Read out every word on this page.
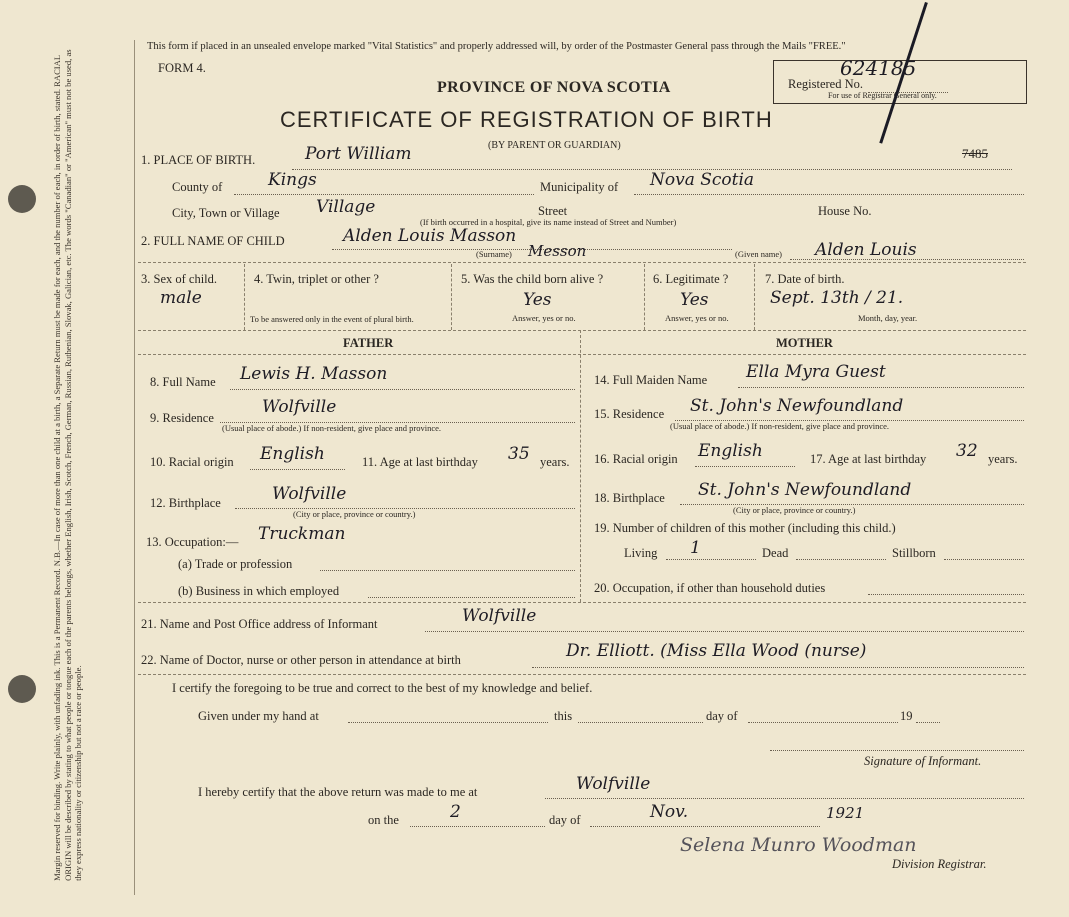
Margin reserved for binding. Write plainly, with unfading ink. This is a Permanent Record. N.B.—In case of more than one child at a birth, a Separate Return must be made for each, and the number of each, in order of birth, stated. RACIAL ORIGIN will be described by stating to what people or tongue each of the parents belongs, whether English, Irish, Scotch, French, German, Russian, Ruthenian, Slovak, Galician, etc. The words "Canadian" or "American" must not be used, as they express nationality or citizenship but not a race or people.
This form if placed in an unsealed envelope marked "Vital Statistics" and properly addressed will, by order of the Postmaster General pass through the Mails "FREE."
FORM 4.
PROVINCE OF NOVA SCOTIA
CERTIFICATE OF REGISTRATION OF BIRTH
(BY PARENT OR GUARDIAN)
Registered No.
624185
For use of Registrar General only.
7485
1. PLACE OF BIRTH.	Port William
County of	Kings	Municipality of Nova Scotia
City, Town or Village Village	Street	House No.
(If birth occurred in a hospital, give its name instead of Street and Number)
2. FULL NAME OF CHILD	Alden Louis Masson
(Surname) Messon	(Given name) Alden Louis
3. Sex of child.
male
4. Twin, triplet or other ?
To be answered only in the event of plural birth.
5. Was the child born alive ?
Yes
Answer, yes or no.
6. Legitimate ?
Yes
Answer, yes or no.
7. Date of birth.
Sept. 13th / 21.
Month, day, year.
FATHER	MOTHER
8. Full Name Lewis H. Masson
9. Residence
Wolfville
(Usual place of abode.) If non-resident, give place and province.
10. Racial origin English	11. Age at last birthday 35 years.
12. Birthplace	Wolfville
(City or place, province or country.)
13. Occupation:— Truckman
(a) Trade or profession
(b) Business in which employed
14. Full Maiden Name Ella Myra Guest
15. Residence St. John's Newfoundland
(Usual place of abode.) If non-resident, give place and province.
16. Racial origin English	17. Age at last birthday 32 years.
18. Birthplace St. John's Newfoundland
(City or place, province or country.)
19. Number of children of this mother (including this child.)
Living 1	Dead	Stillborn
20. Occupation, if other than household duties
21. Name and Post Office address of Informant	Wolfville
22. Name of Doctor, nurse or other person in attendance at birth	Dr. Elliott. (Miss Ella Wood (nurse)
I certify the foregoing to be true and correct to the best of my knowledge and belief.
Given under my hand at	this	day of	19
Signature of Informant.
I hereby certify that the above return was made to me at	Wolfville
on the	2	day of	Nov.	1921
Selena Munro Woodman
Division Registrar.
